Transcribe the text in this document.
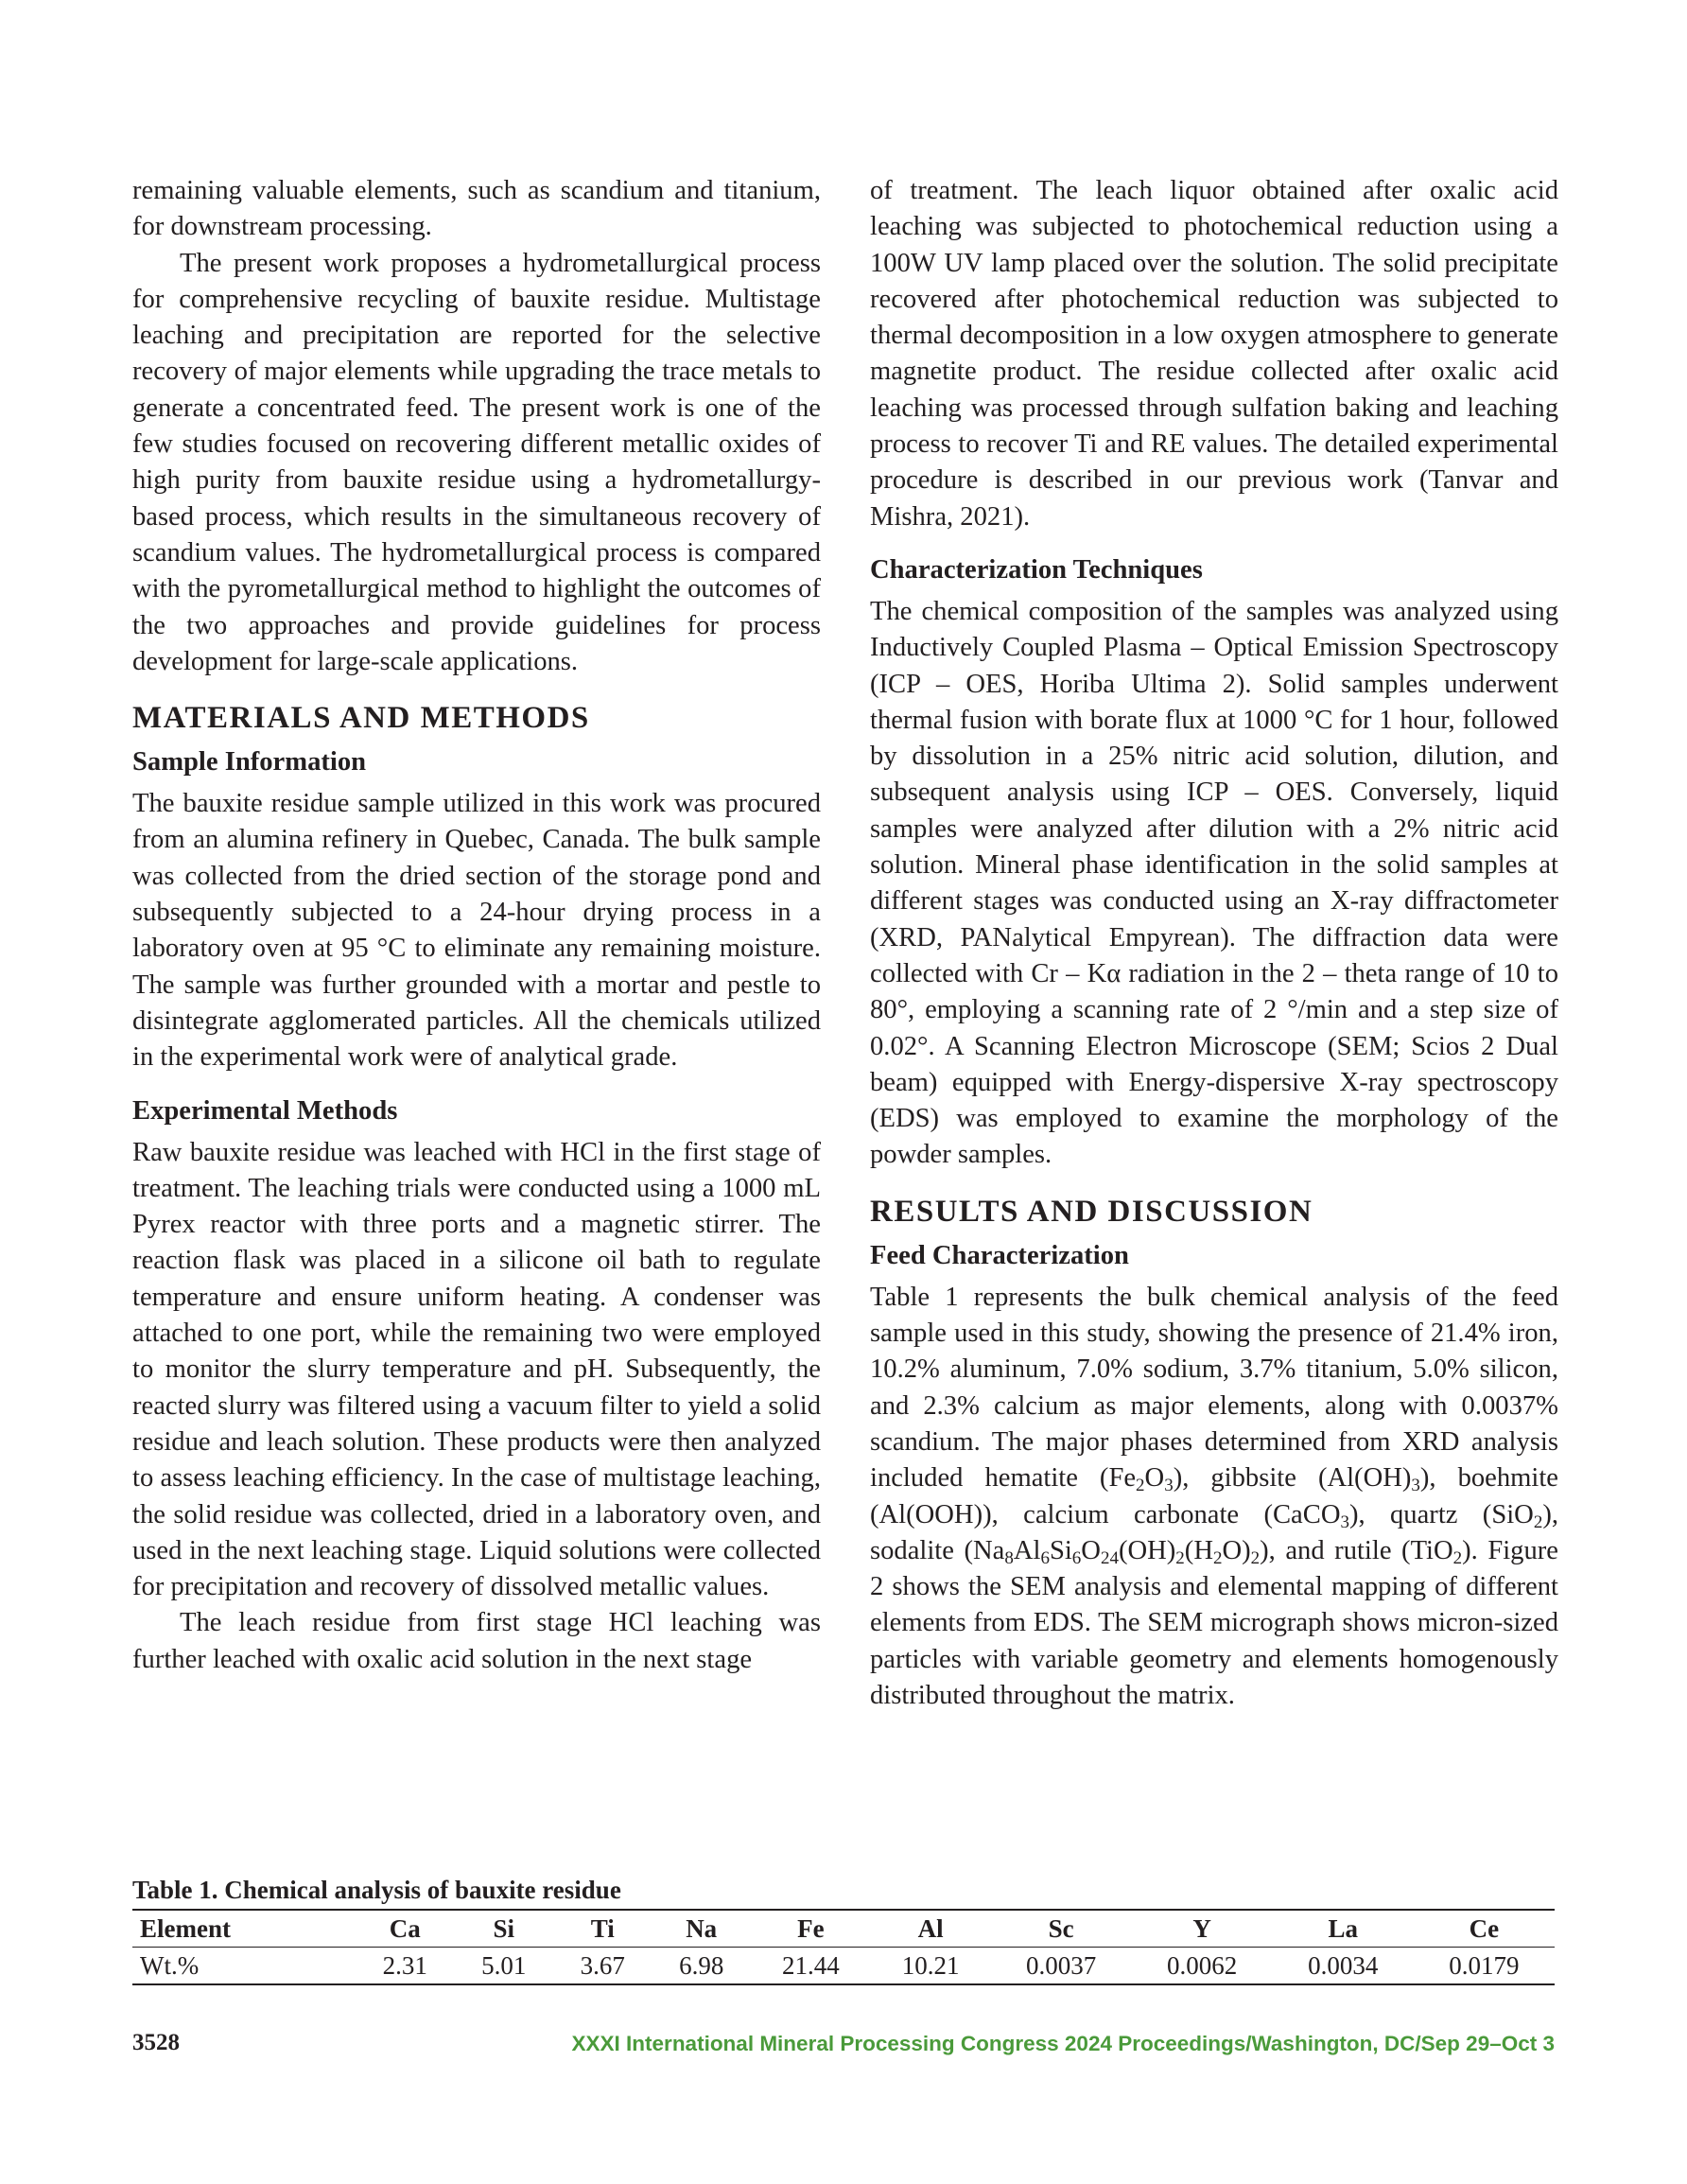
remaining valuable elements, such as scandium and titanium, for downstream processing.

The present work proposes a hydrometallurgical process for comprehensive recycling of bauxite residue. Multistage leaching and precipitation are reported for the selective recovery of major elements while upgrading the trace metals to generate a concentrated feed. The present work is one of the few studies focused on recovering different metallic oxides of high purity from bauxite residue using a hydrometallurgy-based process, which results in the simultaneous recovery of scandium values. The hydrometallurgical process is compared with the pyrometallurgical method to highlight the outcomes of the two approaches and provide guidelines for process development for large-scale applications.

MATERIALS AND METHODS
Sample Information

The bauxite residue sample utilized in this work was procured from an alumina refinery in Quebec, Canada. The bulk sample was collected from the dried section of the storage pond and subsequently subjected to a 24-hour drying process in a laboratory oven at 95 °C to eliminate any remaining moisture. The sample was further grounded with a mortar and pestle to disintegrate agglomerated particles. All the chemicals utilized in the experimental work were of analytical grade.

Experimental Methods

Raw bauxite residue was leached with HCl in the first stage of treatment. The leaching trials were conducted using a 1000 mL Pyrex reactor with three ports and a magnetic stirrer. The reaction flask was placed in a silicone oil bath to regulate temperature and ensure uniform heating. A condenser was attached to one port, while the remaining two were employed to monitor the slurry temperature and pH. Subsequently, the reacted slurry was filtered using a vacuum filter to yield a solid residue and leach solution. These products were then analyzed to assess leaching efficiency. In the case of multistage leaching, the solid residue was collected, dried in a laboratory oven, and used in the next leaching stage. Liquid solutions were collected for precipitation and recovery of dissolved metallic values.

The leach residue from first stage HCl leaching was further leached with oxalic acid solution in the next stage

of treatment. The leach liquor obtained after oxalic acid leaching was subjected to photochemical reduction using a 100W UV lamp placed over the solution. The solid precipitate recovered after photochemical reduction was subjected to thermal decomposition in a low oxygen atmosphere to generate magnetite product. The residue collected after oxalic acid leaching was processed through sulfation baking and leaching process to recover Ti and RE values. The detailed experimental procedure is described in our previous work (Tanvar and Mishra, 2021).

Characterization Techniques

The chemical composition of the samples was analyzed using Inductively Coupled Plasma – Optical Emission Spectroscopy (ICP – OES, Horiba Ultima 2). Solid samples underwent thermal fusion with borate flux at 1000 °C for 1 hour, followed by dissolution in a 25% nitric acid solution, dilution, and subsequent analysis using ICP – OES. Conversely, liquid samples were analyzed after dilution with a 2% nitric acid solution. Mineral phase identification in the solid samples at different stages was conducted using an X-ray diffractometer (XRD, PANalytical Empyrean). The diffraction data were collected with Cr – Kα radiation in the 2 – theta range of 10 to 80°, employing a scanning rate of 2 °/min and a step size of 0.02°. A Scanning Electron Microscope (SEM; Scios 2 Dual beam) equipped with Energy-dispersive X-ray spectroscopy (EDS) was employed to examine the morphology of the powder samples.

RESULTS AND DISCUSSION
Feed Characterization

Table 1 represents the bulk chemical analysis of the feed sample used in this study, showing the presence of 21.4% iron, 10.2% aluminum, 7.0% sodium, 3.7% titanium, 5.0% silicon, and 2.3% calcium as major elements, along with 0.0037% scandium. The major phases determined from XRD analysis included hematite $(Fe_2O_3)$, gibbsite $(Al(OH)_3)$, boehmite (Al(OOH)), calcium carbonate (CaCO$_3$), quartz (SiO$_2$), sodalite $(Na_8Al_6Si_6O_{24}(OH)_2(H_2O)_2)$, and rutile (TiO$_2$). Figure 2 shows the SEM analysis and elemental mapping of different elements from EDS. The SEM micrograph shows micron-sized particles with variable geometry and elements homogenously distributed throughout the matrix.

Table 1. Chemical analysis of bauxite residue
Element	Ca	Si	Ti	Na	Fe	Al	Sc	Y	La	Ce
Wt.%	2.31	5.01	3.67	6.98	21.44	10.21	0.0037	0.0062	0.0034	0.0179
3528	XXXI International Mineral Processing Congress 2024 Proceedings/Washington, DC/Sep 29–Oct 3
